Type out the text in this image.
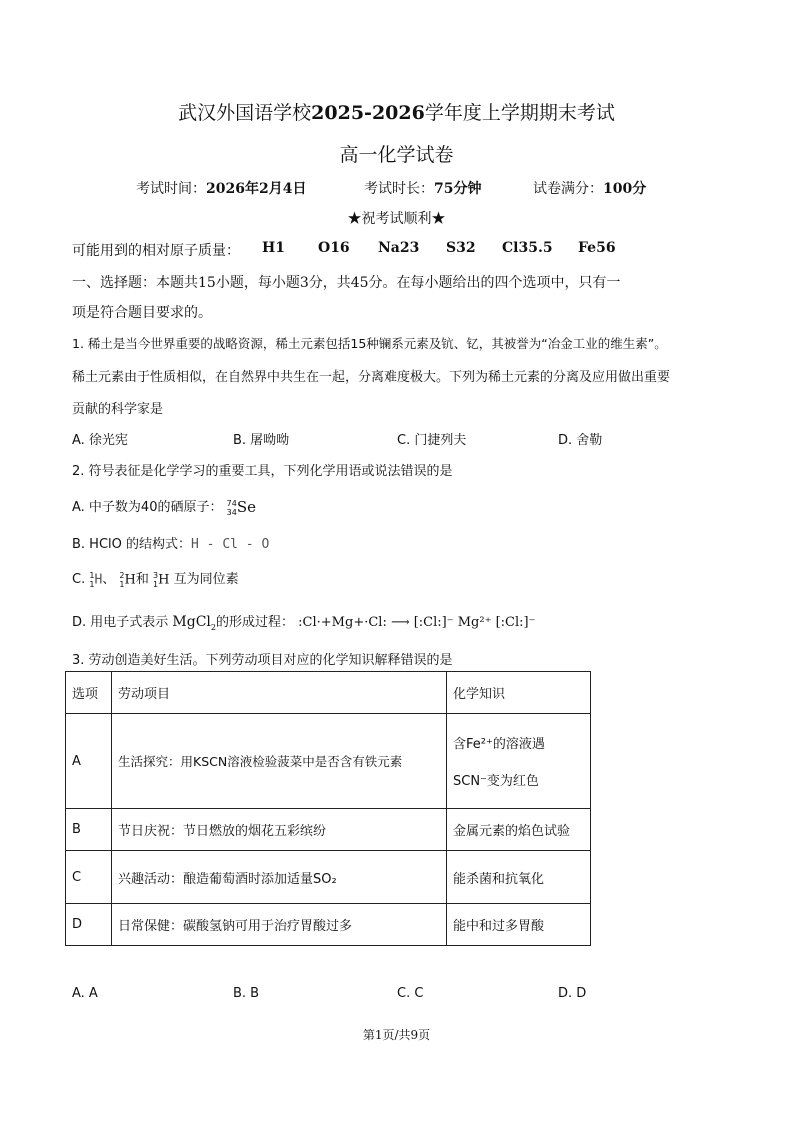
武汉外国语学校2025-2026学年度上学期期末考试
高一化学试卷
考试时间：2026年2月4日	考试时长：75分钟	试卷满分：100分
★祝考试顺利★
可能用到的相对原子质量： H1 O16 Na23 S32 Cl35.5 Fe56
一、选择题：本题共15小题，每小题3分，共45分。在每小题给出的四个选项中，只有一
项是符合题目要求的。
1. 稀土是当今世界重要的战略资源，稀土元素包括15种镧系元素及钪、钇，其被誉为“冶金工业的维生素”。
稀土元素由于性质相似，在自然界中共生在一起，分离难度极大。下列为稀土元素的分离及应用做出重要
贡献的科学家是
A. 徐光宪	B. 屠呦呦	C. 门捷列夫	D. 舍勒
2. 符号表征是化学学习的重要工具，下列化学用语或说法错误的是
A. 中子数为40的硒原子： 74
34 Se
B. HClO 的结构式：H - Cl - O
C. 1
1 H、 2
1 H和 3
1 H 互为同位素
D. 用电子式表示 MgCl$_2$的形成过程： :Cl·+Mg+·Cl: ⟶ [:Cl:]⁻ Mg²⁺ [:Cl:]⁻
3. 劳动创造美好生活。下列劳动项目对应的化学知识解释错误的是
选项	劳动项目	化学知识
A	生活探究：用KSCN溶液检验菠菜中是否含有铁元素	含Fe²⁺的溶液遇
SCN⁻变为红色

B	节日庆祝：节日燃放的烟花五彩缤纷	金属元素的焰色试验
C	兴趣活动：酿造葡萄酒时添加适量SO₂	能杀菌和抗氧化
D	日常保健：碳酸氢钠可用于治疗胃酸过多	能中和过多胃酸
A. A	B. B	C. C	D. D
第1页/共9页
